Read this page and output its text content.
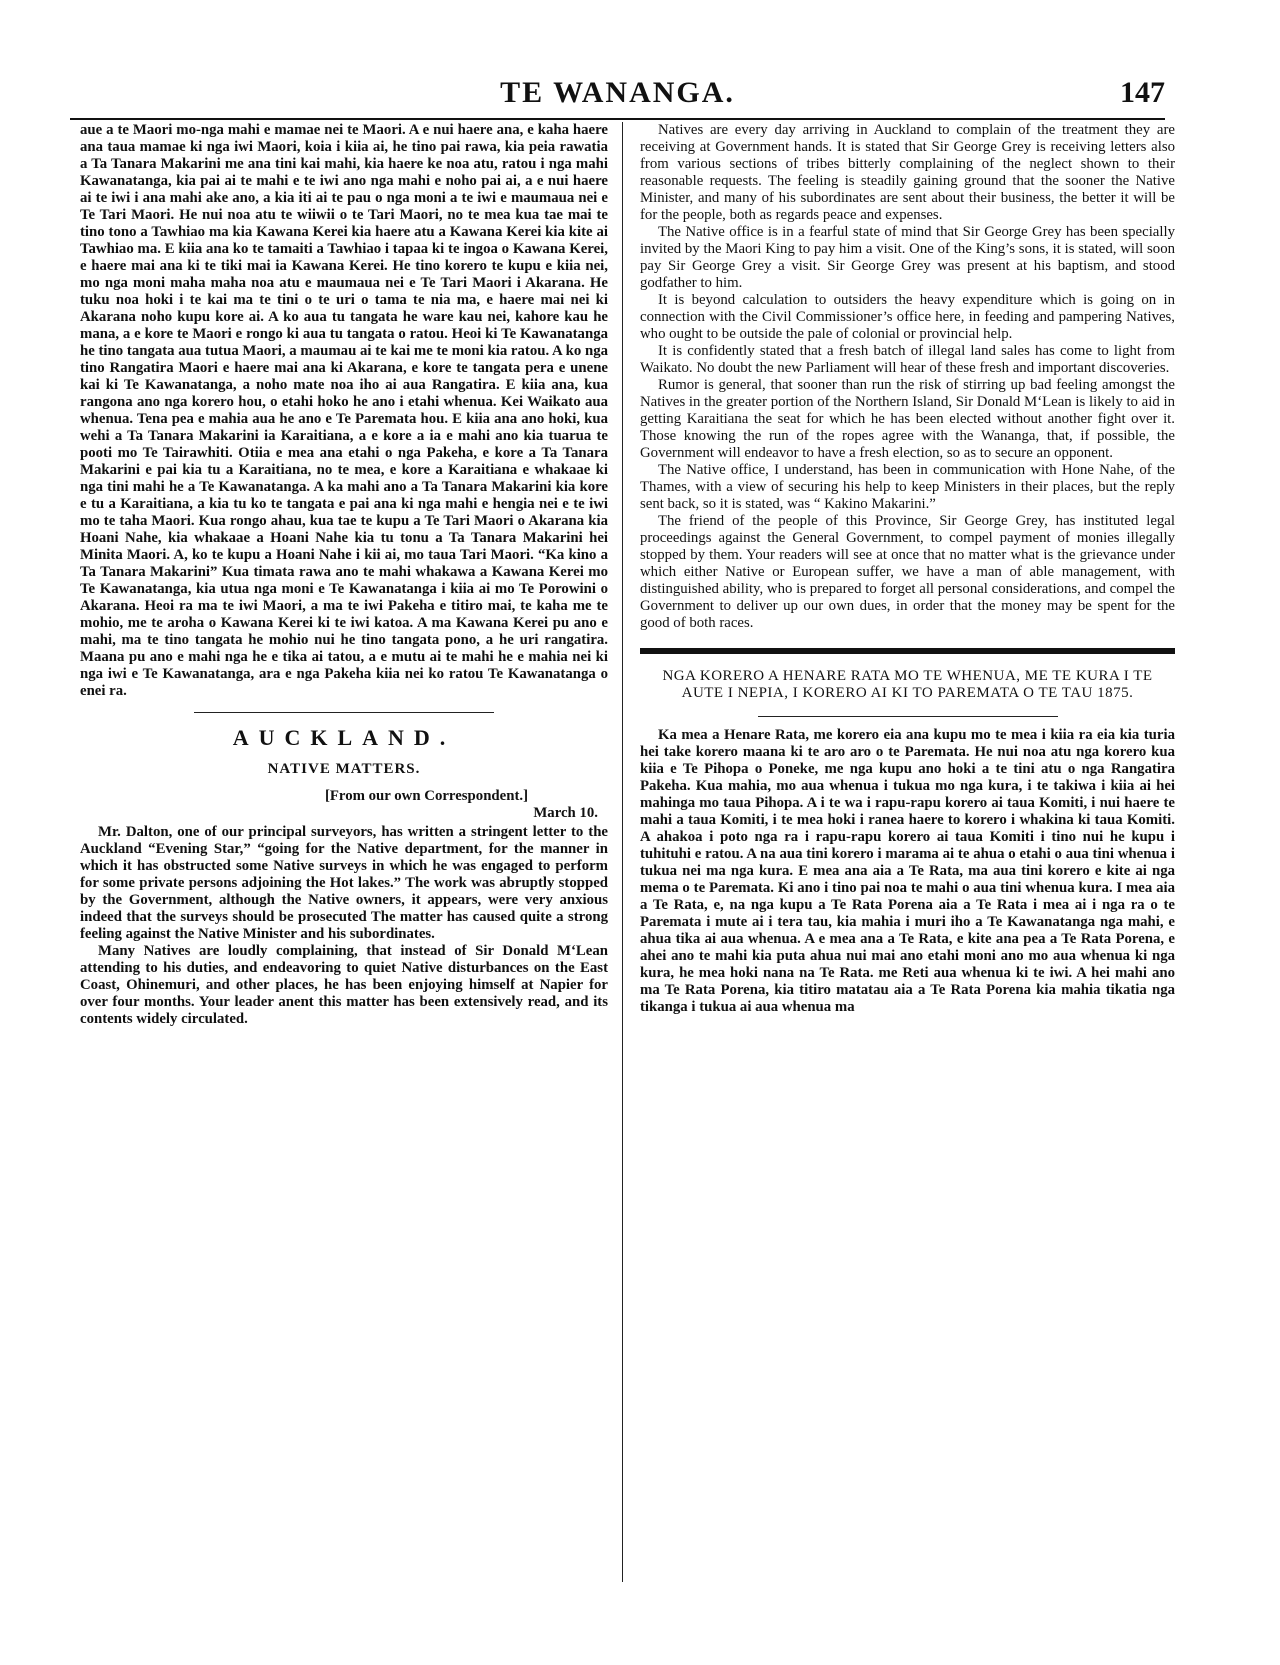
TE WANANGA.	147

aue a te Maori mo-nga mahi e mamae nei te Maori. A e nui haere ana, e kaha haere ana taua mamae ki nga iwi Maori, koia i kiia ai, he tino pai rawa, kia peia rawatia a Ta Tanara Makarini me ana tini kai mahi, kia haere ke noa atu, ratou i nga mahi Kawanatanga, kia pai ai te mahi e te iwi ano nga mahi e noho pai ai, a e nui haere ai te iwi i ana mahi ake ano, a kia iti ai te pau o nga moni a te iwi e maumaua nei e Te Tari Maori. He nui noa atu te wiiwii o te Tari Maori, no te mea kua tae mai te tino tono a Tawhiao ma kia Kawana Kerei kia haere atu a Kawana Kerei kia kite ai Tawhiao ma. E kiia ana ko te tamaiti a Tawhiao i tapaa ki te ingoa o Kawana Kerei, e haere mai ana ki te tiki mai ia Kawana Kerei. He tino korero te kupu e kiia nei, mo nga moni maha maha noa atu e maumaua nei e Te Tari Maori i Akarana. He tuku noa hoki i te kai ma te tini o te uri o tama te nia ma, e haere mai nei ki Akarana noho kupu kore ai. A ko aua tu tangata he ware kau nei, kahore kau he mana, a e kore te Maori e rongo ki aua tu tangata o ratou. Heoi ki Te Kawanatanga he tino tangata aua tutua Maori, a maumau ai te kai me te moni kia ratou. A ko nga tino Rangatira Maori e haere mai ana ki Akarana, e kore te tangata pera e unene kai ki Te Kawanatanga, a noho mate noa iho ai aua Rangatira. E kiia ana, kua rangona ano nga korero hou, o etahi hoko he ano i etahi whenua. Kei Waikato aua whenua. Tena pea e mahia aua he ano e Te Paremata hou. E kiia ana ano hoki, kua wehi a Ta Tanara Makarini ia Karaitiana, a e kore a ia e mahi ano kia tuarua te pooti mo Te Tairawhiti. Otiia e mea ana etahi o nga Pakeha, e kore a Ta Tanara Makarini e pai kia tu a Karaitiana, no te mea, e kore a Karaitiana e whakaae ki nga tini mahi he a Te Kawanatanga. A ka mahi ano a Ta Tanara Makarini kia kore e tu a Karaitiana, a kia tu ko te tangata e pai ana ki nga mahi e hengia nei e te iwi mo te taha Maori. Kua rongo ahau, kua tae te kupu a Te Tari Maori o Akarana kia Hoani Nahe, kia whakaae a Hoani Nahe kia tu tonu a Ta Tanara Makarini hei Minita Maori. A, ko te kupu a Hoani Nahe i kii ai, mo taua Tari Maori. “Ka kino a Ta Tanara Makarini” Kua timata rawa ano te mahi whakawa a Kawana Kerei mo Te Kawanatanga, kia utua nga moni e Te Kawanatanga i kiia ai mo Te Porowini o Akarana. Heoi ra ma te iwi Maori, a ma te iwi Pakeha e titiro mai, te kaha me te mohio, me te aroha o Kawana Kerei ki te iwi katoa. A ma Kawana Kerei pu ano e mahi, ma te tino tangata he mohio nui he tino tangata pono, a he uri rangatira. Maana pu ano e mahi nga he e tika ai tatou, a e mutu ai te mahi he e mahia nei ki nga iwi e Te Kawanatanga, ara e nga Pakeha kiia nei ko ratou Te Kawanatanga o enei ra.

AUCKLAND.
NATIVE MATTERS.
[From our own Correspondent.]
March 10.

Mr. Dalton, one of our principal surveyors, has written a stringent letter to the Auckland “Evening Star,” “going for the Native department, for the manner in which it has obstructed some Native surveys in which he was engaged to perform for some private persons adjoining the Hot lakes.” The work was abruptly stopped by the Government, although the Native owners, it appears, were very anxious indeed that the surveys should be prosecuted The matter has caused quite a strong feeling against the Native Minister and his subordinates.

Many Natives are loudly complaining, that instead of Sir Donald M‘Lean attending to his duties, and endeavoring to quiet Native disturbances on the East Coast, Ohinemuri, and other places, he has been enjoying himself at Napier for over four months. Your leader anent this matter has been extensively read, and its contents widely circulated.

Natives are every day arriving in Auckland to complain of the treatment they are receiving at Government hands. It is stated that Sir George Grey is receiving letters also from various sections of tribes bitterly complaining of the neglect shown to their reasonable requests. The feeling is steadily gaining ground that the sooner the Native Minister, and many of his subordinates are sent about their business, the better it will be for the people, both as regards peace and expenses.

The Native office is in a fearful state of mind that Sir George Grey has been specially invited by the Maori King to pay him a visit. One of the King’s sons, it is stated, will soon pay Sir George Grey a visit. Sir George Grey was present at his baptism, and stood godfather to him.

It is beyond calculation to outsiders the heavy expenditure which is going on in connection with the Civil Commissioner’s office here, in feeding and pampering Natives, who ought to be outside the pale of colonial or provincial help.

It is confidently stated that a fresh batch of illegal land sales has come to light from Waikato. No doubt the new Parliament will hear of these fresh and important discoveries.

Rumor is general, that sooner than run the risk of stirring up bad feeling amongst the Natives in the greater portion of the Northern Island, Sir Donald M‘Lean is likely to aid in getting Karaitiana the seat for which he has been elected without another fight over it. Those knowing the run of the ropes agree with the Wananga, that, if possible, the Government will endeavor to have a fresh election, so as to secure an opponent.

The Native office, I understand, has been in communication with Hone Nahe, of the Thames, with a view of securing his help to keep Ministers in their places, but the reply sent back, so it is stated, was “ Kakino Makarini.”

The friend of the people of this Province, Sir George Grey, has instituted legal proceedings against the General Government, to compel payment of monies illegally stopped by them. Your readers will see at once that no matter what is the grievance under which either Native or European suffer, we have a man of able management, with distinguished ability, who is prepared to forget all personal considerations, and compel the Government to deliver up our own dues, in order that the money may be spent for the good of both races.

NGA KORERO A HENARE RATA MO TE WHENUA, ME TE KURA I TE AUTE I NEPIA, I KORERO AI KI TO PAREMATA O TE TAU 1875.

Ka mea a Henare Rata, me korero eia ana kupu mo te mea i kiia ra eia kia turia hei take korero maana ki te aro aro o te Paremata. He nui noa atu nga korero kua kiia e Te Pihopa o Poneke, me nga kupu ano hoki a te tini atu o nga Rangatira Pakeha. Kua mahia, mo aua whenua i tukua mo nga kura, i te takiwa i kiia ai hei mahinga mo taua Pihopa. A i te wa i rapu-rapu korero ai taua Komiti, i nui haere te mahi a taua Komiti, i te mea hoki i ranea haere to korero i whakina ki taua Komiti. A ahakoa i poto nga ra i rapu-rapu korero ai taua Komiti i tino nui he kupu i tuhituhi e ratou. A na aua tini korero i marama ai te ahua o etahi o aua tini whenua i tukua nei ma nga kura. E mea ana aia a Te Rata, ma aua tini korero e kite ai nga mema o te Paremata. Ki ano i tino pai noa te mahi o aua tini whenua kura. I mea aia a Te Rata, e, na nga kupu a Te Rata Porena aia a Te Rata i mea ai i nga ra o te Paremata i mute ai i tera tau, kia mahia i muri iho a Te Kawanatanga nga mahi, e ahua tika ai aua whenua. A e mea ana a Te Rata, e kite ana pea a Te Rata Porena, e ahei ano te mahi kia puta ahua nui mai ano etahi moni ano mo aua whenua ki nga kura, he mea hoki nana na Te Rata. me Reti aua whenua ki te iwi. A hei mahi ano ma Te Rata Porena, kia titiro matatau aia a Te Rata Porena kia mahia tikatia nga tikanga i tukua ai aua whenua ma
